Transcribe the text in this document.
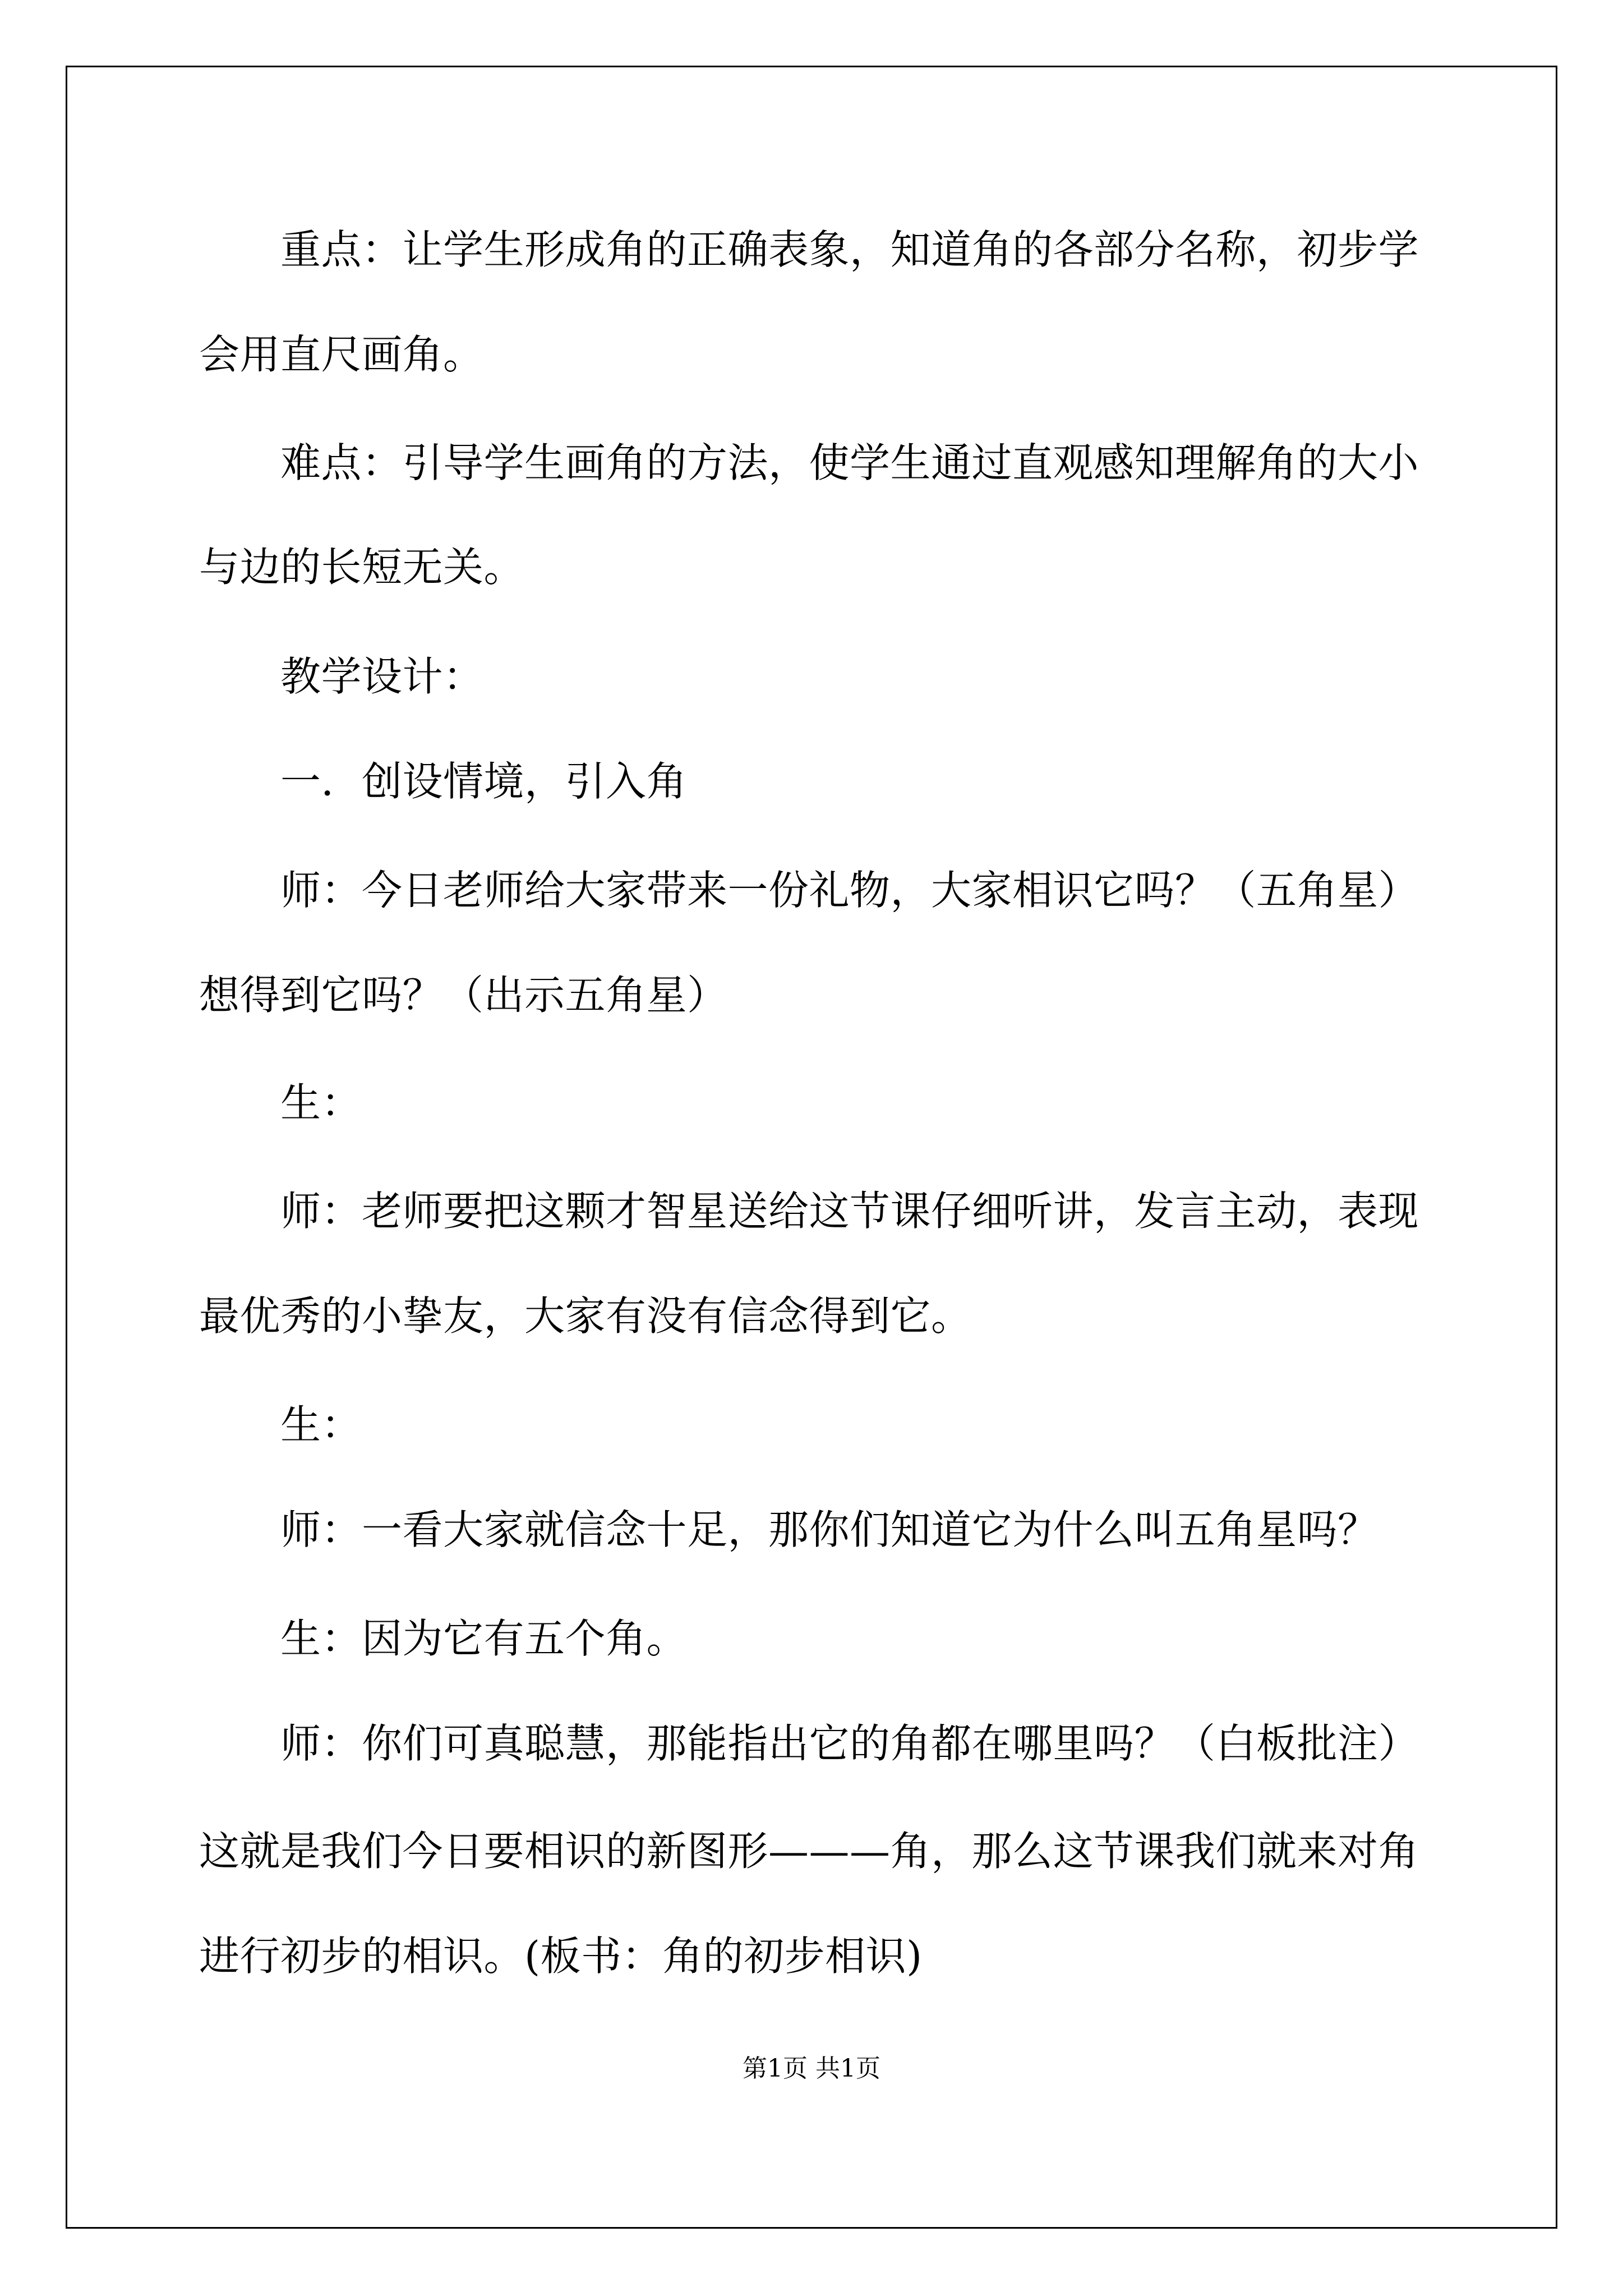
重点：让学生形成角的正确表象，知道角的各部分名称，初步学

会用直尺画角。

难点：引导学生画角的方法，使学生通过直观感知理解角的大小

与边的长短无关。

教学设计：

一．创设情境，引入角

师：今日老师给大家带来一份礼物，大家相识它吗？（五角星）

想得到它吗？（出示五角星）

生：

师：老师要把这颗才智星送给这节课仔细听讲，发言主动，表现

最优秀的小挚友，大家有没有信念得到它。

生：

师：一看大家就信念十足，那你们知道它为什么叫五角星吗？

生：因为它有五个角。

师：你们可真聪慧，那能指出它的角都在哪里吗？（白板批注）

这就是我们今日要相识的新图形———角，那么这节课我们就来对角

进行初步的相识。(板书：角的初步相识)

第1页 共1页
